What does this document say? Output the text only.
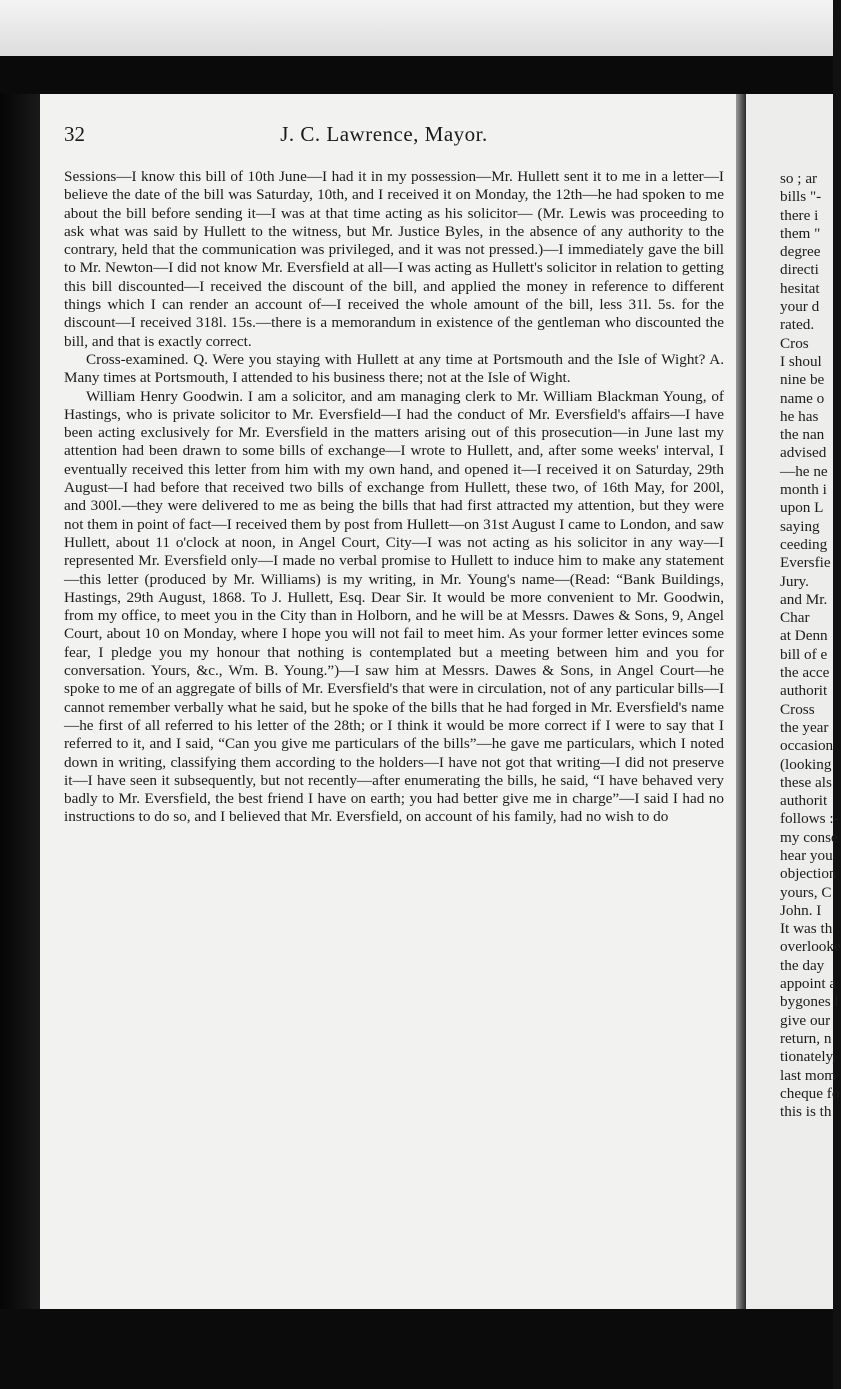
32	J. C. Lawrence, Mayor.

Sessions—I know this bill of 10th June—I had it in my possession—Mr. Hullett sent it to me in a letter—I believe the date of the bill was Saturday, 10th, and I received it on Monday, the 12th—he had spoken to me about the bill before sending it—I was at that time acting as his solicitor— (Mr. Lewis was proceeding to ask what was said by Hullett to the witness, but Mr. Justice Byles, in the absence of any authority to the contrary, held that the communication was privileged, and it was not pressed.)—I immediately gave the bill to Mr. Newton—I did not know Mr. Eversfield at all—I was acting as Hullett's solicitor in relation to getting this bill discounted—I received the discount of the bill, and applied the money in reference to different things which I can render an account of—I received the whole amount of the bill, less 31l. 5s. for the discount—I received 318l. 15s.—there is a memorandum in existence of the gentleman who discounted the bill, and that is exactly correct.

Cross-examined. Q. Were you staying with Hullett at any time at Portsmouth and the Isle of Wight? A. Many times at Portsmouth, I attended to his business there; not at the Isle of Wight.

William Henry Goodwin. I am a solicitor, and am managing clerk to Mr. William Blackman Young, of Hastings, who is private solicitor to Mr. Eversfield—I had the conduct of Mr. Eversfield's affairs—I have been acting exclusively for Mr. Eversfield in the matters arising out of this prosecution—in June last my attention had been drawn to some bills of exchange—I wrote to Hullett, and, after some weeks' interval, I eventually received this letter from him with my own hand, and opened it—I received it on Saturday, 29th August—I had before that received two bills of exchange from Hullett, these two, of 16th May, for 200l, and 300l.—they were delivered to me as being the bills that had first attracted my attention, but they were not them in point of fact—I received them by post from Hullett—on 31st August I came to London, and saw Hullett, about 11 o'clock at noon, in Angel Court, City—I was not acting as his solicitor in any way—I represented Mr. Eversfield only—I made no verbal promise to Hullett to induce him to make any statement—this letter (produced by Mr. Williams) is my writing, in Mr. Young's name—(Read: “Bank Buildings, Hastings, 29th August, 1868. To J. Hullett, Esq. Dear Sir. It would be more convenient to Mr. Goodwin, from my office, to meet you in the City than in Holborn, and he will be at Messrs. Dawes & Sons, 9, Angel Court, about 10 on Monday, where I hope you will not fail to meet him. As your former letter evinces some fear, I pledge you my honour that nothing is contemplated but a meeting between him and you for conversation. Yours, &c., Wm. B. Young.”)—I saw him at Messrs. Dawes & Sons, in Angel Court—he spoke to me of an aggregate of bills of Mr. Eversfield's that were in circulation, not of any particular bills—I cannot remember verbally what he said, but he spoke of the bills that he had forged in Mr. Eversfield's name—he first of all referred to his letter of the 28th; or I think it would be more correct if I were to say that I referred to it, and I said, “Can you give me particulars of the bills”—he gave me particulars, which I noted down in writing, classifying them according to the holders—I have not got that writing—I did not preserve it—I have seen it subsequently, but not recently—after enumerating the bills, he said, “I have behaved very badly to Mr. Eversfield, the best friend I have on earth; you had better give me in charge”—I said I had no instructions to do so, and I believed that Mr. Eversfield, on account of his family, had no wish to do

so ; ar
bills "-
there i
them "
degree
directi
hesitat
your d
rated.
Cros
I shoul
nine be
name o
he has
the nan
advised
—he ne
month i
upon L
saying
ceeding
Eversfie
Jury.
and Mr.
Char
at Denn
bill of e
the acce
authorit
Cross
the year
occasion
(looking
these als
authorit
follows :-
my conse
hear you
objection
yours, C
John. I
It was th
overlooke
the day
appoint a
bygones l
give our
return, n
tionately,
last mom
cheque fo
this is th
